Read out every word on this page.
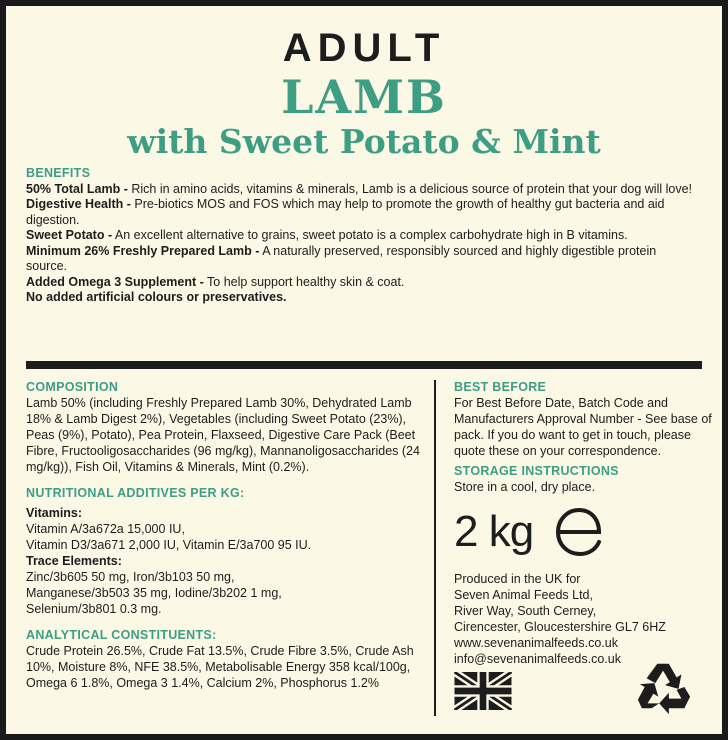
ADULT
LAMB
with Sweet Potato & Mint
BENEFITS

50% Total Lamb - Rich in amino acids, vitamins & minerals, Lamb is a delicious source of protein that your dog will love!

Digestive Health - Pre-biotics MOS and FOS which may help to promote the growth of healthy gut bacteria and aid digestion.

Sweet Potato - An excellent alternative to grains, sweet potato is a complex carbohydrate high in B vitamins.

Minimum 26% Freshly Prepared Lamb - A naturally preserved, responsibly sourced and highly digestible protein source.

Added Omega 3 Supplement - To help support healthy skin & coat.

No added artificial colours or preservatives.

COMPOSITION
Lamb 50% (including Freshly Prepared Lamb 30%, Dehydrated Lamb 18% & Lamb Digest 2%), Vegetables (including Sweet Potato (23%), Peas (9%), Potato), Pea Protein, Flaxseed, Digestive Care Pack (Beet Fibre, Fructooligosaccharides (96 mg/kg), Mannanoligosaccharides (24 mg/kg)), Fish Oil, Vitamins & Minerals, Mint (0.2%).
NUTRITIONAL ADDITIVES PER KG:
Vitamins:
Vitamin A/3a672a 15,000 IU,
Vitamin D3/3a671 2,000 IU, Vitamin E/3a700 95 IU.
Trace Elements:
Zinc/3b605 50 mg, Iron/3b103 50 mg,
Manganese/3b503 35 mg, Iodine/3b202 1 mg,
Selenium/3b801 0.3 mg.
ANALYTICAL CONSTITUENTS:
Crude Protein 26.5%, Crude Fat 13.5%, Crude Fibre 3.5%, Crude Ash 10%, Moisture 8%, NFE 38.5%, Metabolisable Energy 358 kcal/100g, Omega 6 1.8%, Omega 3 1.4%, Calcium 2%, Phosphorus 1.2%
BEST BEFORE
For Best Before Date, Batch Code and Manufacturers Approval Number - See base of pack. If you do want to get in touch, please quote these on your correspondence.
STORAGE INSTRUCTIONS
Store in a cool, dry place.
2 kg
Produced in the UK for
Seven Animal Feeds Ltd,
River Way, South Cerney,
Cirencester, Gloucestershire GL7 6HZ
www.sevenanimalfeeds.co.uk
info@sevenanimalfeeds.co.uk
